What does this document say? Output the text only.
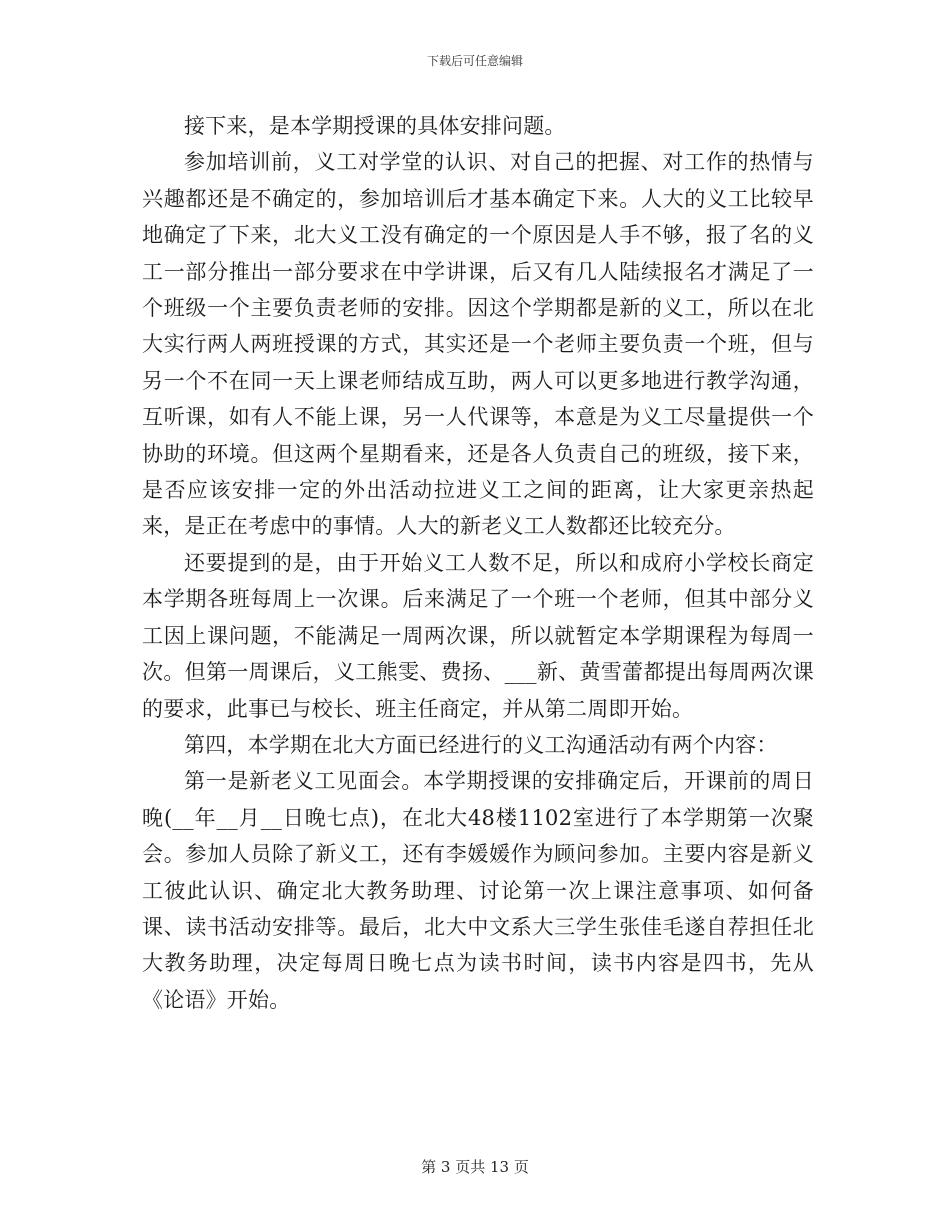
下载后可任意编辑

接下来，是本学期授课的具体安排问题。

参加培训前，义工对学堂的认识、对自己的把握、对工作的热情与兴趣都还是不确定的，参加培训后才基本确定下来。人大的义工比较早地确定了下来，北大义工没有确定的一个原因是人手不够，报了名的义工一部分推出一部分要求在中学讲课，后又有几人陆续报名才满足了一个班级一个主要负责老师的安排。因这个学期都是新的义工，所以在北大实行两人两班授课的方式，其实还是一个老师主要负责一个班，但与另一个不在同一天上课老师结成互助，两人可以更多地进行教学沟通，互听课，如有人不能上课，另一人代课等，本意是为义工尽量提供一个协助的环境。但这两个星期看来，还是各人负责自己的班级，接下来，是否应该安排一定的外出活动拉进义工之间的距离，让大家更亲热起来，是正在考虑中的事情。人大的新老义工人数都还比较充分。

还要提到的是，由于开始义工人数不足，所以和成府小学校长商定本学期各班每周上一次课。后来满足了一个班一个老师，但其中部分义工因上课问题，不能满足一周两次课，所以就暂定本学期课程为每周一次。但第一周课后，义工熊雯、费扬、___新、黄雪蕾都提出每周两次课的要求，此事已与校长、班主任商定，并从第二周即开始。

第四，本学期在北大方面已经进行的义工沟通活动有两个内容：

第一是新老义工见面会。本学期授课的安排确定后，开课前的周日晚(__年__月__日晚七点)，在北大48楼1102室进行了本学期第一次聚会。参加人员除了新义工，还有李媛媛作为顾问参加。主要内容是新义工彼此认识、确定北大教务助理、讨论第一次上课注意事项、如何备课、读书活动安排等。最后，北大中文系大三学生张佳毛遂自荐担任北大教务助理，决定每周日晚七点为读书时间，读书内容是四书，先从《论语》开始。

第 3 页共 13 页
